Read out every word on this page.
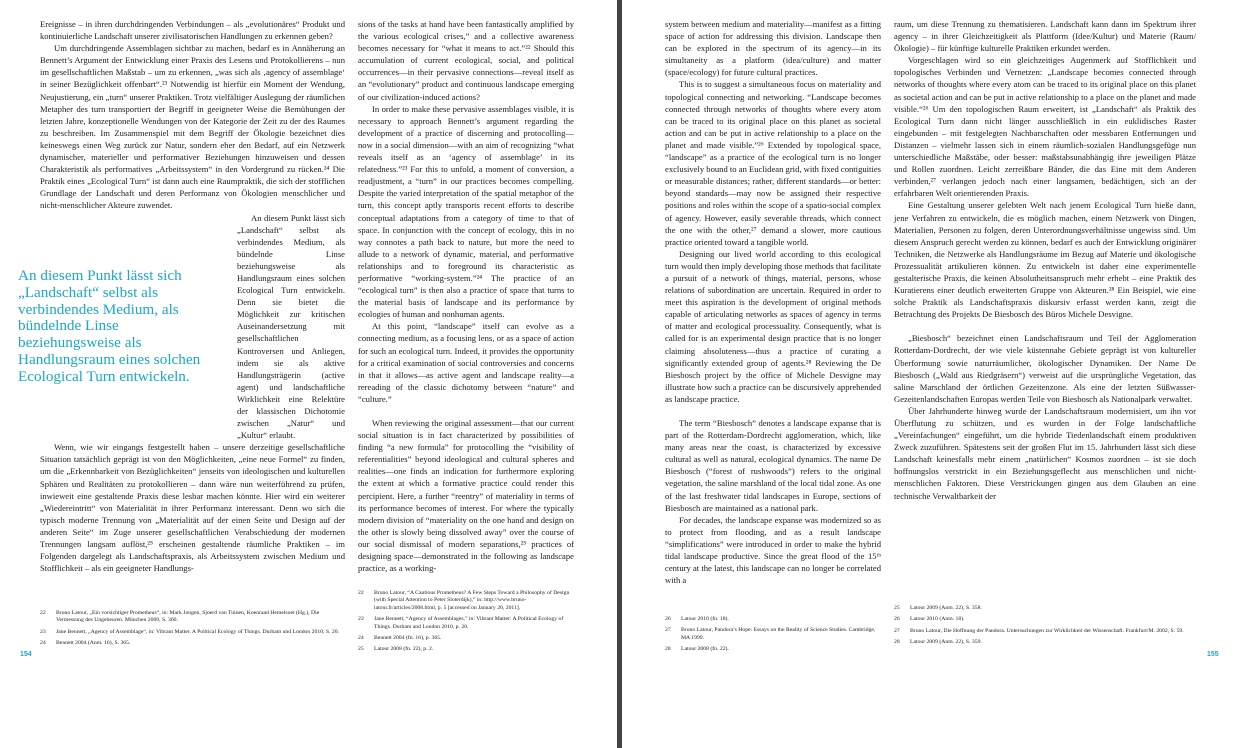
Ereignisse – in ihren durchdringenden Verbindungen – als „evolutionäres“ Produkt und kontinuierliche Landschaft unserer zivilisatorischen Handlungen zu erkennen geben?

Um durchdringende Assemblagen sichtbar zu machen, bedarf es in Annäherung an Bennett’s Argument der Entwicklung einer Praxis des Lesens und Protokollierens – nun im gesellschaftlichen Maßstab – um zu erkennen, „was sich als ‚agency of assemblage‘ in seiner Bezüglichkeit offenbart“.²³ Notwendig ist hierfür ein Moment der Wendung, Neujustierung, ein „turn“ unserer Praktiken. Trotz vielfältiger Auslegung der räumlichen Metapher des turn transportiert der Begriff in geeigneter Weise die Bemühungen der letzten Jahre, konzeptionelle Wendungen von der Kategorie der Zeit zu der des Raumes zu beschreiben. Im Zusammenspiel mit dem Begriff der Ökologie bezeichnet dies keineswegs einen Weg zurück zur Natur, sondern eher den Bedarf, auf ein Netzwerk dynamischer, materieller und performativer Beziehungen hinzuweisen und dessen Charakteristik als performatives „Arbeitssystem“ in den Vordergrund zu rücken.²⁴ Die Praktik eines „Ecological Turn“ ist dann auch eine Raumpraktik, die sich der stofflichen Grundlage der Landschaft und deren Performanz von Ökologien menschlicher und nicht-menschlicher Akteure zuwendet.

An diesem Punkt lässt sich „Landschaft“ selbst als verbindendes Medium, als bündelnde Linse beziehungsweise als Handlungsraum eines solchen Ecological Turn entwickeln. Denn sie bietet die Möglichkeit zur kritischen Auseinandersetzung mit gesellschaftlichen Kontroversen und Anliegen, indem sie als aktive Handlungsträgerin (active agent) und landschaftliche Wirklichkeit eine Relektüre der klassischen Dichotomie zwischen „Natur“ und „Kultur“ erlaubt.

Wenn, wie wir eingangs festgestellt haben – unsere derzeitige gesellschaftliche Situation tatsächlich geprägt ist von den Möglichkeiten, „eine neue Formel“ zu finden, um die „Erkennbarkeit von Bezüglichkeiten“ jenseits von ideologischen und kulturellen Sphären und Realitäten zu protokollieren – dann wäre nun weiterführend zu prüfen, inwieweit eine gestaltende Praxis diese lesbar machen könnte. Hier wird ein weiterer „Wiedereintritt“ von Materialität in ihrer Performanz interessant. Denn wo sich die typisch moderne Trennung von „Materialität auf der einen Seite und Design auf der anderen Seite“ im Zuge unserer gesellschaftlichen Verabschiedung der modernen Trennungen langsam auflöst,²⁵ erscheinen gestaltende räumliche Praktiken – im Folgenden dargelegt als Landschaftspraxis, als Arbeitssystem zwischen Medium und Stofflichkeit – als ein geeigneter Handlungs-

An diesem Punkt lässt sich „Landschaft“ selbst als verbindendes Medium, als bündelnde Linse beziehungsweise als Handlungsraum eines solchen Ecological Turn entwickeln.

sions of the tasks at hand have been fantastically amplified by the various ecological crises,” and a collective awareness becomes necessary for “what it means to act.”²² Should this accumulation of current ecological, social, and political occurrences—in their pervasive connections—reveal itself as an “evolutionary” product and continuous landscape emerging of our civilization-induced actions?

In order to make these pervasive assemblages visible, it is necessary to approach Bennett’s argument regarding the development of a practice of discerning and protocolling—now in a social dimension—with an aim of recognizing “what reveals itself as an ‘agency of assemblage’ in its relatedness.”²³ For this to unfold, a moment of conversion, a readjustment, a “turn” in our practices becomes compelling. Despite the varied interpretation of the spatial metaphor of the turn, this concept aptly transports recent efforts to describe conceptual adaptations from a category of time to that of space. In conjunction with the concept of ecology, this in no way connotes a path back to nature, but more the need to allude to a network of dynamic, material, and performative relationships and to foreground its characteristic as performative “working-system.”²⁴ The practice of an “ecological turn” is then also a practice of space that turns to the material basis of landscape and its performance by ecologies of human and nonhuman agents.

At this point, “landscape” itself can evolve as a connecting medium, as a focusing lens, or as a space of action for such an ecological turn. Indeed, it provides the opportunity for a critical examination of social controversies and concerns in that it allows—as active agent and landscape reality—a rereading of the classic dichotomy between “nature” and “culture.”

When reviewing the original assessment—that our current social situation is in fact characterized by possibilities of finding “a new formula” for protocolling the “visibility of referentialities” beyond ideological and cultural spheres and realities—one finds an indication for furthermore exploring the extent at which a formative practice could render this percipient. Here, a further “reentry” of materiality in terms of its performance becomes of interest. For where the typically modern division of “materiality on the one hand and design on the other is slowly being dissolved away” over the course of our social dismissal of modern separations,²⁵ practices of designing space—demonstrated in the following as landscape practice, as a working-

22 Bruno Latour, „Ein vorsichtiger Prometheus“, in: Mark Jongen, Sjoerd van Tuinen, Koenraad Hemelsoet (Hg.), Die Vermessung des Ungeheuren. München 2009, S. 360.
23 Jane Bennett, „Agency of Assemblage“, in: Vibrant Matter. A Political Ecology of Things. Durham und London 2010, S. 20.
24 Bennett 2004 (Anm. 16), S. 365.
22 Bruno Latour, “A Cautious Prometheus? A Few Steps Toward a Philosophy of Design (with Special Attention to Peter Sloterdijk),” in: http://www.bruno-latour.fr/articles/2008.html, p. 5 [accessed on January 20, 2011].
23 Jane Bennett, “Agency of Assemblages,” in: Vibrant Matter: A Political Ecology of Things. Durham and London 2010, p. 20.
24 Bennett 2004 (fn. 16), p. 365.
25 Latour 2008 (fn. 22), p. 2.
154

system between medium and materiality—manifest as a fitting space of action for addressing this division. Landscape then can be explored in the spectrum of its agency—in its simultaneity as a platform (idea/culture) and matter (space/ecology) for future cultural practices.

This is to suggest a simultaneous focus on materiality and topological connecting and networking. “Landscape becomes connected through networks of thoughts where every atom can be traced to its original place on this planet as societal action and can be put in active relationship to a place on the planet and made visible.”²⁶ Extended by topological space, “landscape” as a practice of the ecological turn is no longer exclusively bound to an Euclidean grid, with fixed contiguities or measurable distances; rather, different standards—or better: beyond standards—may now be assigned their respective positions and roles within the scope of a spatio-social complex of agency. However, easily severable threads, which connect the one with the other,²⁷ demand a slower, more cautious practice oriented toward a tangible world.

Designing our lived world according to this ecological turn would then imply developing those methods that facilitate a pursuit of a network of things, material, persons, whose relations of subordination are uncertain. Required in order to meet this aspiration is the development of original methods capable of articulating networks as spaces of agency in terms of matter and ecological processuality. Consequently, what is called for is an experimental design practice that is no longer claiming absoluteness—thus a practice of curating a significantly extended group of agents.²⁸ Reviewing the De Biesbosch project by the office of Michele Desvigne may illustrate how such a practice can be discursively apprehended as landscape practice.

The term “Biesbosch” denotes a landscape expanse that is part of the Rotterdam-Dordrecht agglomeration, which, like many areas near the coast, is characterized by excessive cultural as well as natural, ecological dynamics. The name De Biesbosch (“forest of rushwoods”) refers to the original vegetation, the saline marshland of the local tidal zone. As one of the last freshwater tidal landscapes in Europe, sections of Biesbosch are maintained as a national park.

For decades, the landscape expanse was modernized so as to protect from flooding, and as a result landscape “simplifications” were introduced in order to make the hybrid tidal landscape productive. Since the great flood of the 15ᵗʰ century at the latest, this landscape can no longer be correlated with a

raum, um diese Trennung zu thematisieren. Landschaft kann dann im Spektrum ihrer agency – in ihrer Gleichzeitigkeit als Plattform (Idee/Kultur) und Materie (Raum/Ökologie) – für künftige kulturelle Praktiken erkundet werden.

Vorgeschlagen wird so ein gleichzeitiges Augenmerk auf Stofflichkeit und topologisches Verbinden und Vernetzen: „Landscape becomes connected through networks of thoughts where every atom can be traced to its original place on this planet as societal action and can be put in active relationship to a place on the planet and made visible.“²⁶ Um den topologischen Raum erweitert, ist „Landschaft“ als Praktik des Ecological Turn dann nicht länger ausschließlich in ein euklidisches Raster eingebunden – mit festgelegten Nachbarschaften oder messbaren Entfernungen und Distanzen – vielmehr lassen sich in einem räumlich-sozialen Handlungsgefüge nun unterschiedliche Maßstäbe, oder besser: maßstabsunabhängig ihre jeweiligen Plätze und Rollen zuordnen. Leicht zerreißbare Bänder, die das Eine mit dem Anderen verbinden,²⁷ verlangen jedoch nach einer langsamen, bedächtigen, sich an der erfahrbaren Welt orientierenden Praxis.

Eine Gestaltung unserer gelebten Welt nach jenem Ecological Turn hieße dann, jene Verfahren zu entwickeln, die es möglich machen, einem Netzwerk von Dingen, Materialien, Personen zu folgen, deren Unterordnungsverhältnisse ungewiss sind. Um diesem Anspruch gerecht werden zu können, bedarf es auch der Entwicklung originärer Techniken, die Netzwerke als Handlungsräume im Bezug auf Materie und ökologische Prozessualität artikulieren können. Zu entwickeln ist daher eine experimentelle gestalterische Praxis, die keinen Absolutheitsanspruch mehr erhebt – eine Praktik des Kuratierens einer deutlich erweiterten Gruppe von Akteuren.²⁸ Ein Beispiel, wie eine solche Praktik als Landschaftspraxis diskursiv erfasst werden kann, zeigt die Betrachtung des Projekts De Biesbosch des Büros Michele Desvigne.

„Biesbosch“ bezeichnet einen Landschaftsraum und Teil der Agglomeration Rotterdam-Dordrecht, der wie viele küstennahe Gebiete geprägt ist von kultureller Überformung sowie naturräumlicher, ökologischer Dynamiken. Der Name De Biesbosch („Wald aus Riedgräsern“) verweist auf die ursprüngliche Vegetation, das saline Marschland der örtlichen Gezeitenzone. Als eine der letzten Süßwasser-Gezeitenlandschaften Europas werden Teile von Biesbosch als Nationalpark verwaltet.

Über Jahrhunderte hinweg wurde der Landschaftsraum modernisiert, um ihn vor Überflutung zu schützen, und es wurden in der Folge landschaftliche „Vereinfachungen“ eingeführt, um die hybride Tiedenlandschaft einem produktiven Zweck zuzuführen. Spätestens seit der großen Flut im 15. Jahrhundert lässt sich diese Landschaft keinesfalls mehr einem „natürlichen“ Kosmos zuordnen – ist sie doch hoffnungslos verstrickt in ein Beziehungsgeflecht aus menschlichen und nicht-menschlichen Faktoren. Diese Verstrickungen gingen aus dem Glauben an eine technische Verwaltbarkeit der

26 Latour 2010 (fn. 18).
27 Bruno Latour, Pandora’s Hope: Essays on the Reality of Science Studies. Cambridge, MA 1999.
28 Latour 2008 (fn. 22).
25 Latour 2009 (Anm. 22), S. 358.
26 Latour 2010 (Anm. 18).
27 Bruno Latour, Die Hoffnung der Pandora. Untersuchungen zur Wirklichkeit der Wissenschaft. Frankfurt/M. 2002, S. 59.
28 Latour 2009 (Anm. 22), S. 359.
155
